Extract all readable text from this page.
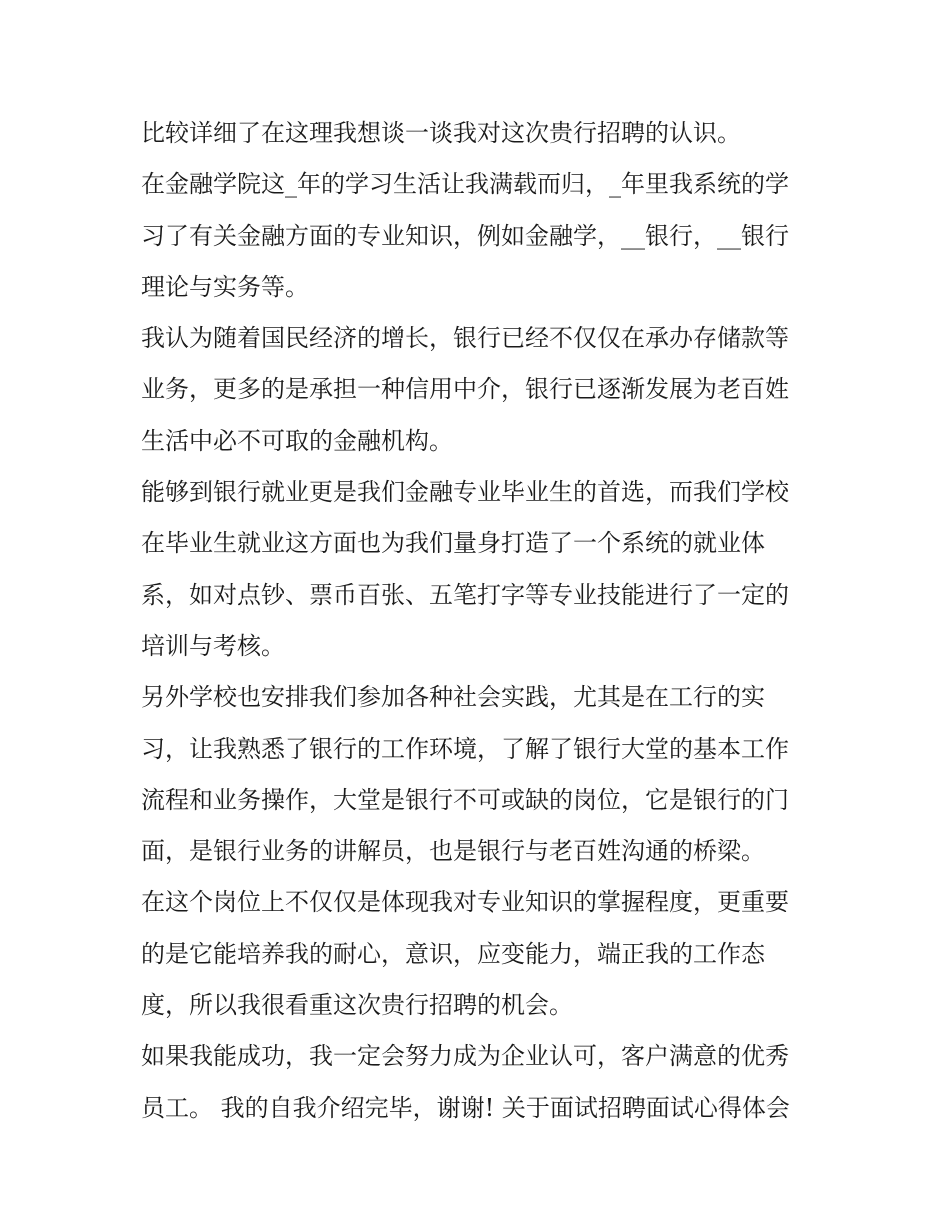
比较详细了在这理我想谈一谈我对这次贵行招聘的认识。
在金融学院这_年的学习生活让我满载而归，_年里我系统的学
习了有关金融方面的专业知识，例如金融学，__银行，__银行
理论与实务等。
我认为随着国民经济的增长，银行已经不仅仅在承办存储款等
业务，更多的是承担一种信用中介，银行已逐渐发展为老百姓
生活中必不可取的金融机构。
能够到银行就业更是我们金融专业毕业生的首选，而我们学校
在毕业生就业这方面也为我们量身打造了一个系统的就业体
系，如对点钞、票币百张、五笔打字等专业技能进行了一定的
培训与考核。
另外学校也安排我们参加各种社会实践，尤其是在工行的实
习，让我熟悉了银行的工作环境，了解了银行大堂的基本工作
流程和业务操作，大堂是银行不可或缺的岗位，它是银行的门
面，是银行业务的讲解员，也是银行与老百姓沟通的桥梁。
在这个岗位上不仅仅是体现我对专业知识的掌握程度，更重要
的是它能培养我的耐心，意识，应变能力，端正我的工作态
度，所以我很看重这次贵行招聘的机会。
如果我能成功，我一定会努力成为企业认可，客户满意的优秀
员工。 我的自我介绍完毕，谢谢! 关于面试招聘面试心得体会
